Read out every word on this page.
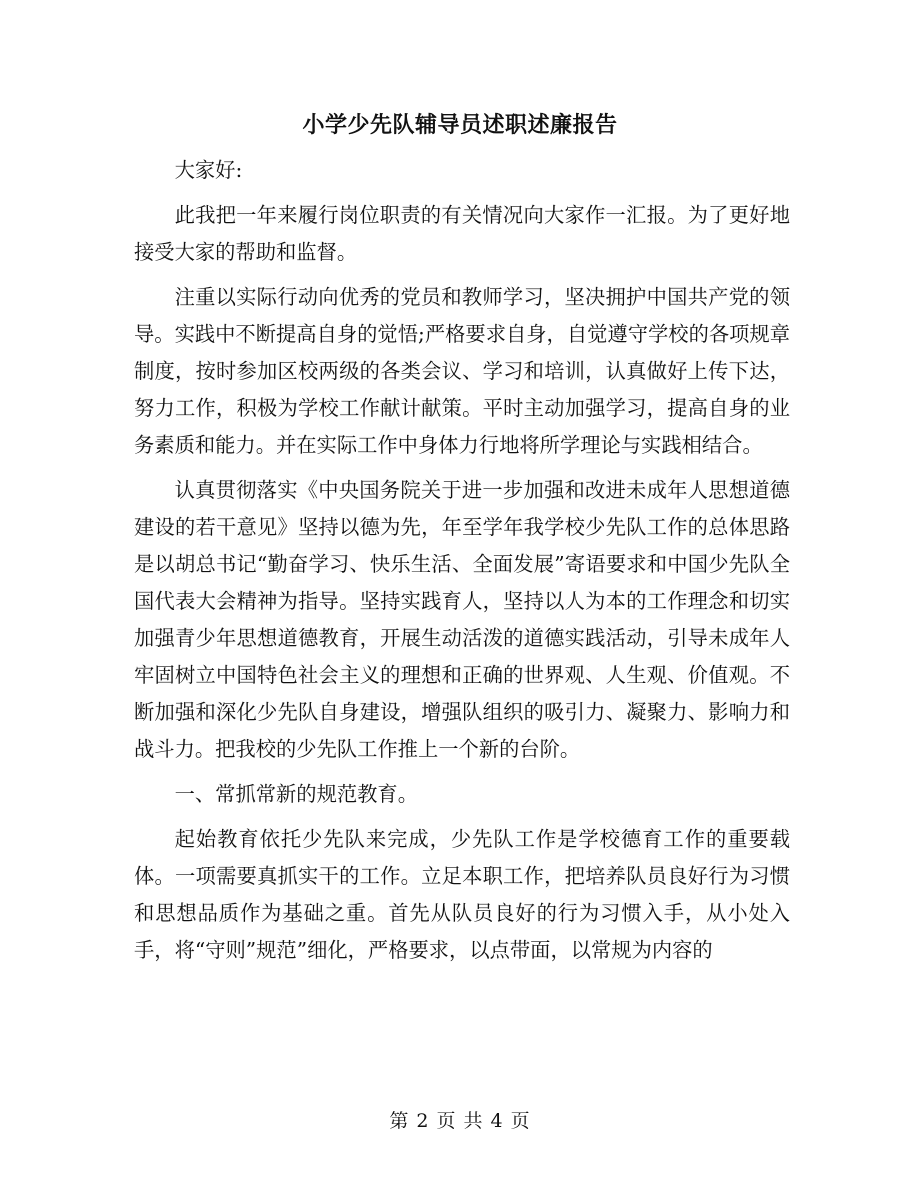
小学少先队辅导员述职述廉报告

大家好:

此我把一年来履行岗位职责的有关情况向大家作一汇报。为了更好地接受大家的帮助和监督。

注重以实际行动向优秀的党员和教师学习，坚决拥护中国共产党的领导。实践中不断提高自身的觉悟;严格要求自身，自觉遵守学校的各项规章制度，按时参加区校两级的各类会议、学习和培训，认真做好上传下达，努力工作，积极为学校工作献计献策。平时主动加强学习，提高自身的业务素质和能力。并在实际工作中身体力行地将所学理论与实践相结合。

认真贯彻落实《中央国务院关于进一步加强和改进未成年人思想道德建设的若干意见》坚持以德为先，年至学年我学校少先队工作的总体思路是以胡总书记“勤奋学习、快乐生活、全面发展”寄语要求和中国少先队全国代表大会精神为指导。坚持实践育人，坚持以人为本的工作理念和切实加强青少年思想道德教育，开展生动活泼的道德实践活动，引导未成年人牢固树立中国特色社会主义的理想和正确的世界观、人生观、价值观。不断加强和深化少先队自身建设，增强队组织的吸引力、凝聚力、影响力和战斗力。把我校的少先队工作推上一个新的台阶。

一、常抓常新的规范教育。

起始教育依托少先队来完成，少先队工作是学校德育工作的重要载体。一项需要真抓实干的工作。立足本职工作，把培养队员良好行为习惯和思想品质作为基础之重。首先从队员良好的行为习惯入手，从小处入手，将“守则”规范”细化，严格要求，以点带面，以常规为内容的

第 2 页 共 4 页
